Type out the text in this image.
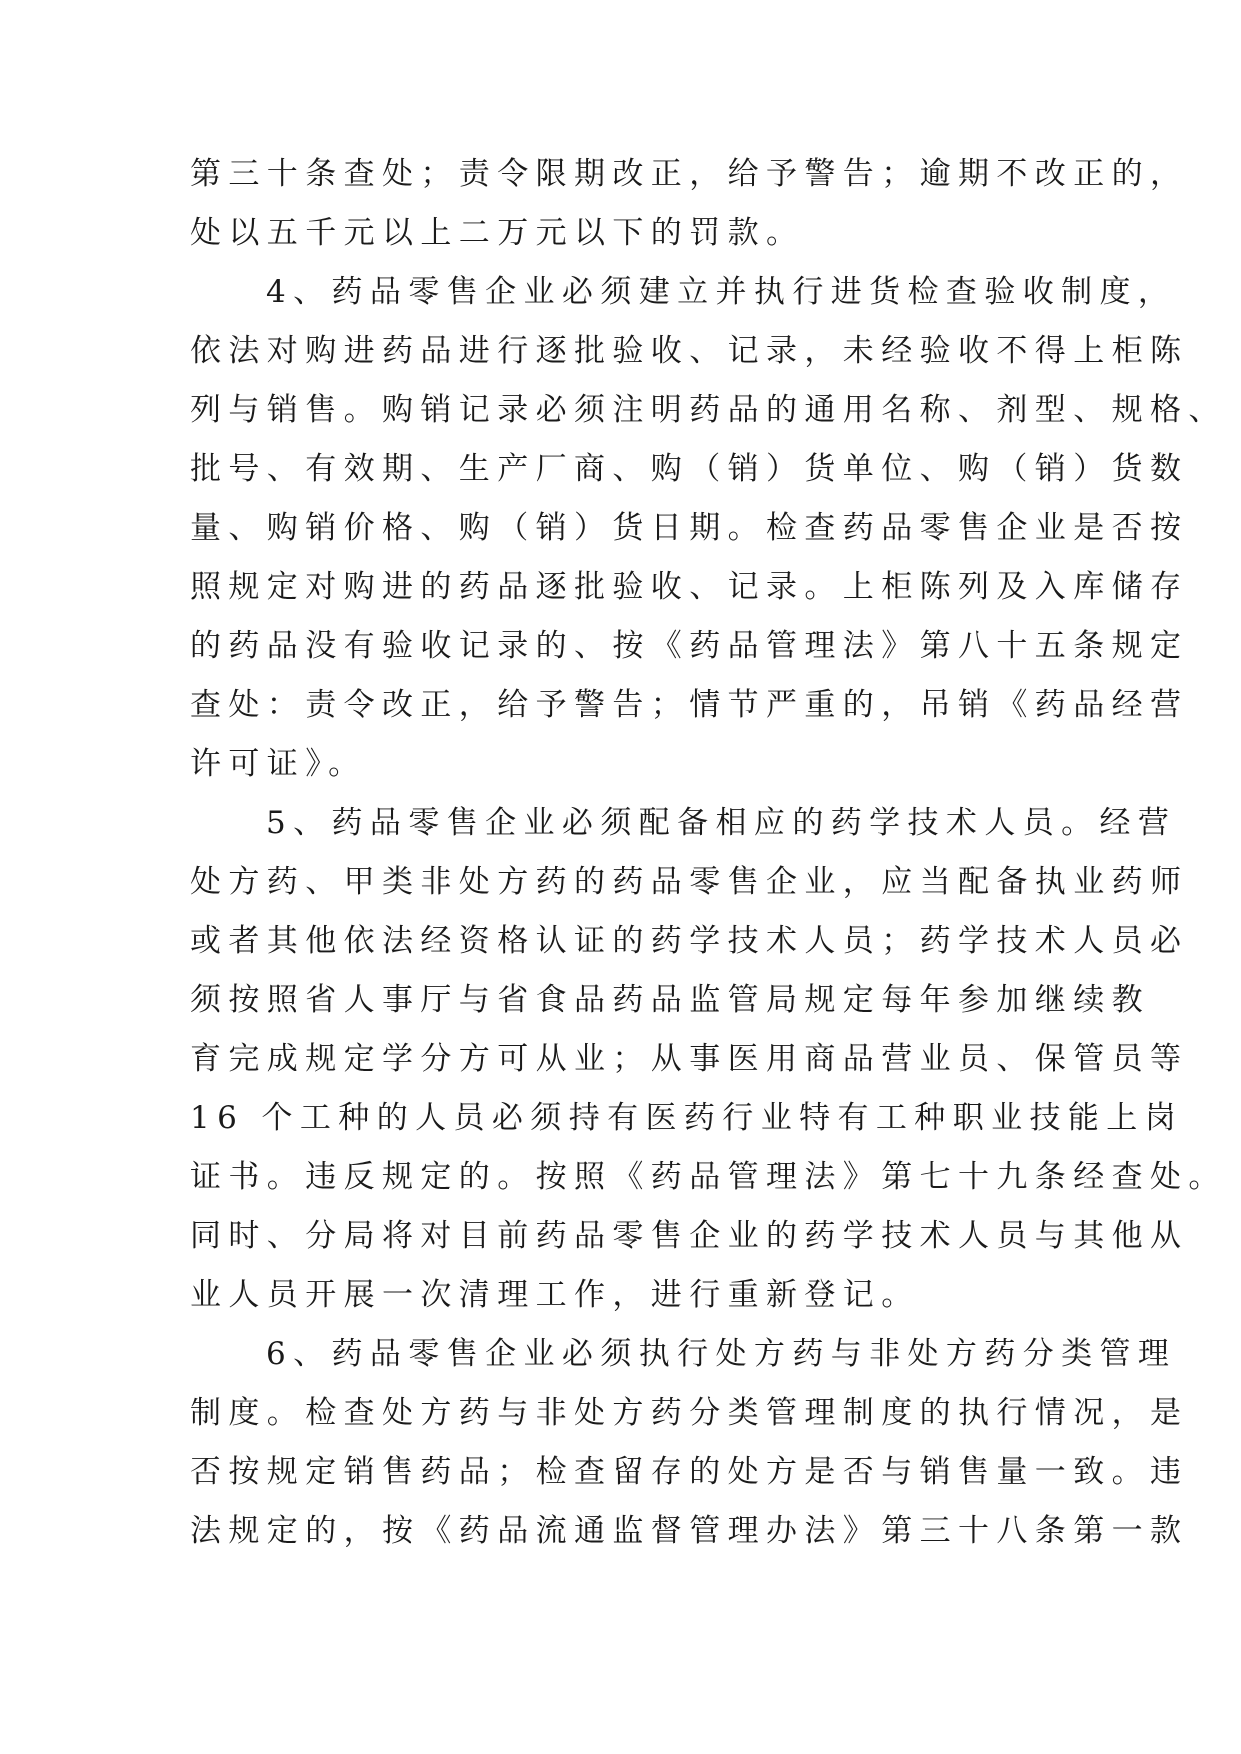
第三十条查处；责令限期改正，给予警告；逾期不改正的，
处以五千元以上二万元以下的罚款。
4、药品零售企业必须建立并执行进货检查验收制度，
依法对购进药品进行逐批验收、记录，未经验收不得上柜陈
列与销售。购销记录必须注明药品的通用名称、剂型、规格、
批号、有效期、生产厂商、购（销）货单位、购（销）货数
量、购销价格、购（销）货日期。检查药品零售企业是否按
照规定对购进的药品逐批验收、记录。上柜陈列及入库储存
的药品没有验收记录的、按《药品管理法》第八十五条规定
查处：责令改正，给予警告；情节严重的，吊销《药品经营
许可证》。
5、药品零售企业必须配备相应的药学技术人员。经营
处方药、甲类非处方药的药品零售企业，应当配备执业药师
或者其他依法经资格认证的药学技术人员；药学技术人员必
须按照省人事厅与省食品药品监管局规定每年参加继续教
育完成规定学分方可从业；从事医用商品营业员、保管员等
16 个工种的人员必须持有医药行业特有工种职业技能上岗
证书。违反规定的。按照《药品管理法》第七十九条经查处。
同时、分局将对目前药品零售企业的药学技术人员与其他从
业人员开展一次清理工作，进行重新登记。
6、药品零售企业必须执行处方药与非处方药分类管理
制度。检查处方药与非处方药分类管理制度的执行情况，是
否按规定销售药品；检查留存的处方是否与销售量一致。违
法规定的，按《药品流通监督管理办法》第三十八条第一款
